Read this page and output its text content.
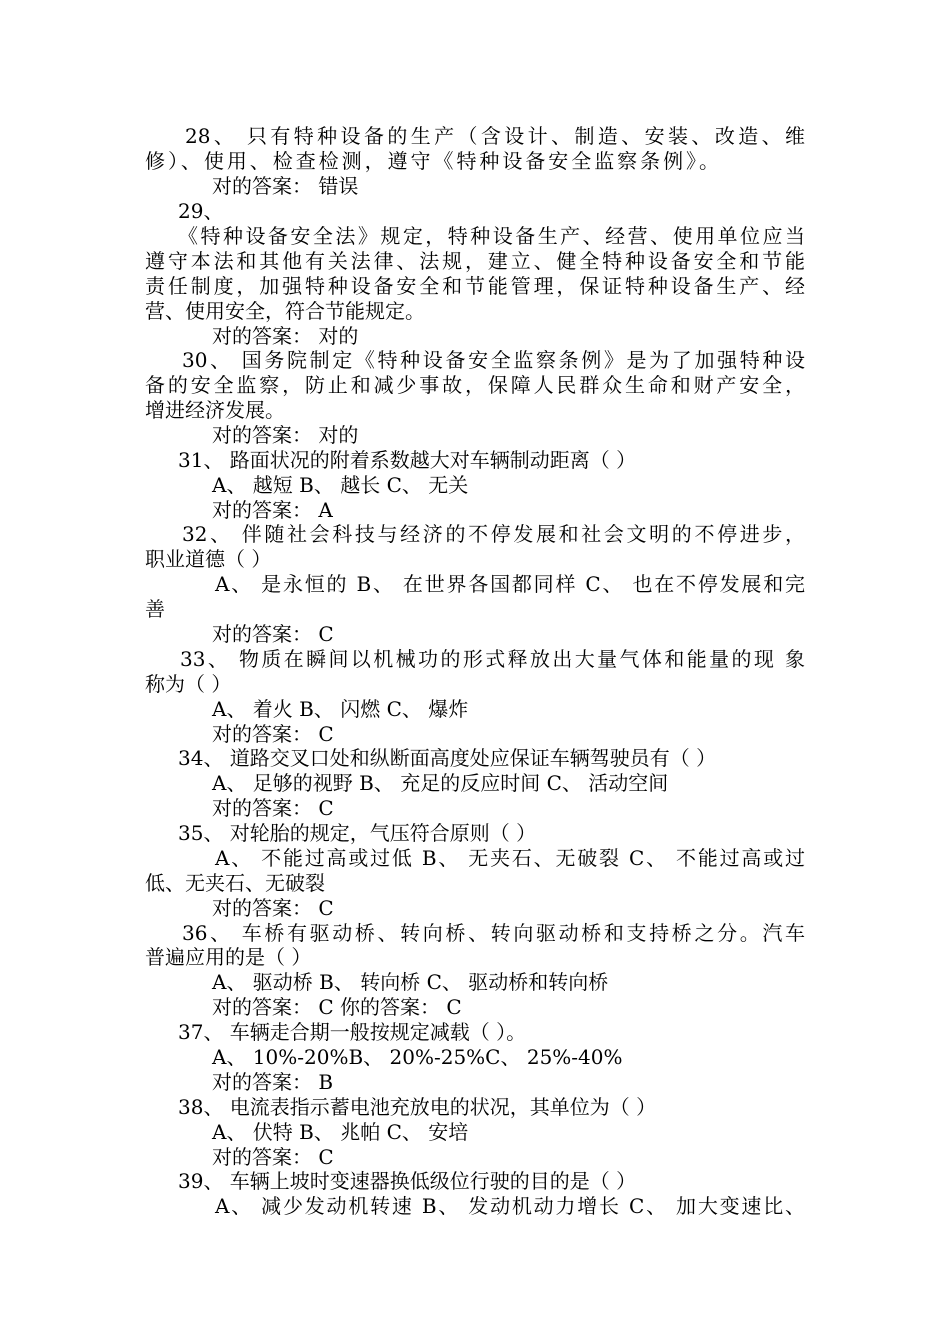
28、 只有特种设备的生产（含设计、制造、安装、改造、维
修）、使用、检查检测，遵守《特种设备安全监察条例》。
对的答案： 错误
29、
《特种设备安全法》规定，特种设备生产、经营、使用单位应当
遵守本法和其他有关法律、法规，建立、健全特种设备安全和节能
责任制度，加强特种设备安全和节能管理，保证特种设备生产、经
营、使用安全，符合节能规定。
对的答案： 对的
30、 国务院制定《特种设备安全监察条例》是为了加强特种设
备的安全监察，防止和减少事故，保障人民群众生命和财产安全，
增进经济发展。
对的答案： 对的
31、 路面状况的附着系数越大对车辆制动距离（ ）
A、 越短 B、 越长 C、 无关
对的答案： A
32、 伴随社会科技与经济的不停发展和社会文明的不停进步，
职业道德（ ）
A、 是永恒的 B、 在世界各国都同样 C、 也在不停发展和完
善
对的答案： C
33、 物质在瞬间以机械功的形式释放出大量气体和能量的现 象
称为（ ）
A、 着火 B、 闪燃 C、 爆炸
对的答案： C
34、 道路交叉口处和纵断面高度处应保证车辆驾驶员有（ ）
A、 足够的视野 B、 充足的反应时间 C、 活动空间
对的答案： C
35、 对轮胎的规定，气压符合原则（ ）
A、 不能过高或过低 B、 无夹石、无破裂 C、 不能过高或过
低、无夹石、无破裂
对的答案： C
36、 车桥有驱动桥、转向桥、转向驱动桥和支持桥之分。汽车
普遍应用的是（ ）
A、 驱动桥 B、 转向桥 C、 驱动桥和转向桥
对的答案： C 你的答案： C
37、 车辆走合期一般按规定减载（ ）。
A、 10%-20%B、 20%-25%C、 25%-40%
对的答案： B
38、 电流表指示蓄电池充放电的状况，其单位为（ ）
A、 伏特 B、 兆帕 C、 安培
对的答案： C
39、 车辆上坡时变速器换低级位行驶的目的是（ ）
A、 减少发动机转速 B、 发动机动力增长 C、 加大变速比、
